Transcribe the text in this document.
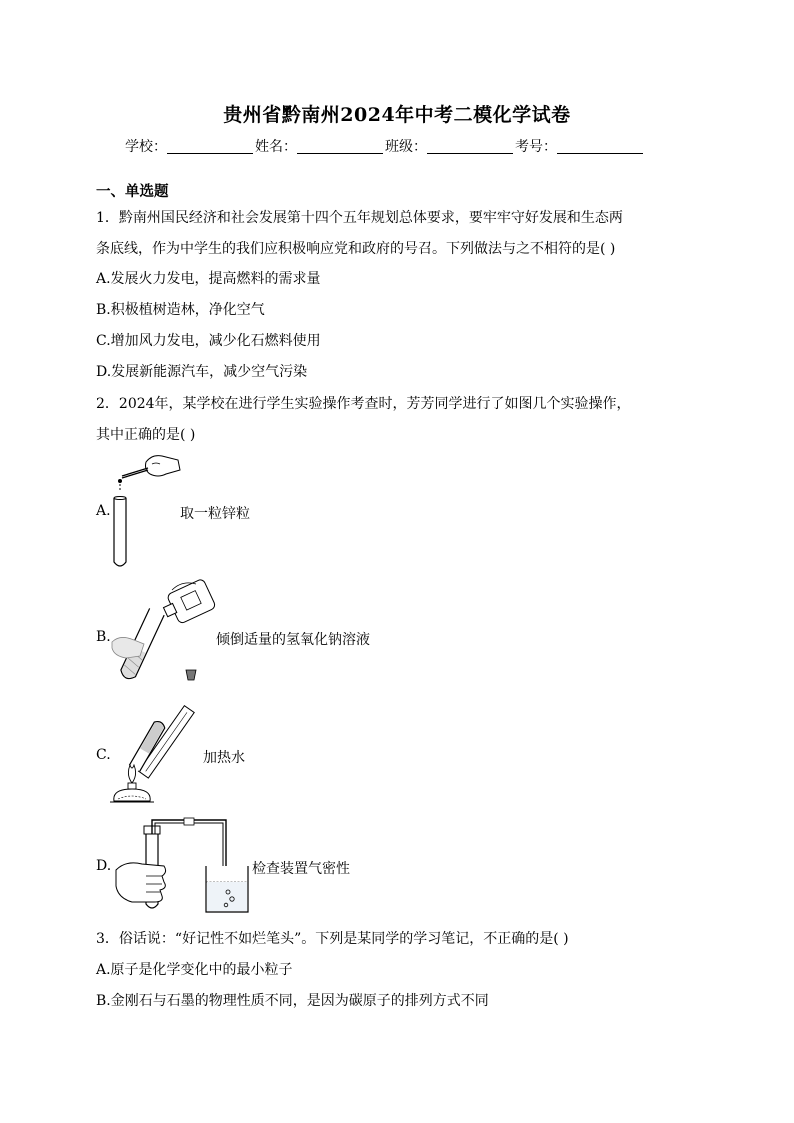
贵州省黔南州2024年中考二模化学试卷
学校：	姓名：	班级：	考号：
一、单选题
1．黔南州国民经济和社会发展第十四个五年规划总体要求，要牢牢守好发展和生态两
条底线，作为中学生的我们应积极响应党和政府的号召。下列做法与之不相符的是( )
A.发展火力发电，提高燃料的需求量
B.积极植树造林，净化空气
C.增加风力发电，减少化石燃料使用
D.发展新能源汽车，减少空气污染
2．2024年，某学校在进行学生实验操作考查时，芳芳同学进行了如图几个实验操作，
其中正确的是( )
A.	取一粒锌粒
B.	倾倒适量的氢氧化钠溶液
C.	加热水
D.	检查装置气密性
3．俗话说：“好记性不如烂笔头”。下列是某同学的学习笔记，不正确的是( )
A.原子是化学变化中的最小粒子
B.金刚石与石墨的物理性质不同，是因为碳原子的排列方式不同
